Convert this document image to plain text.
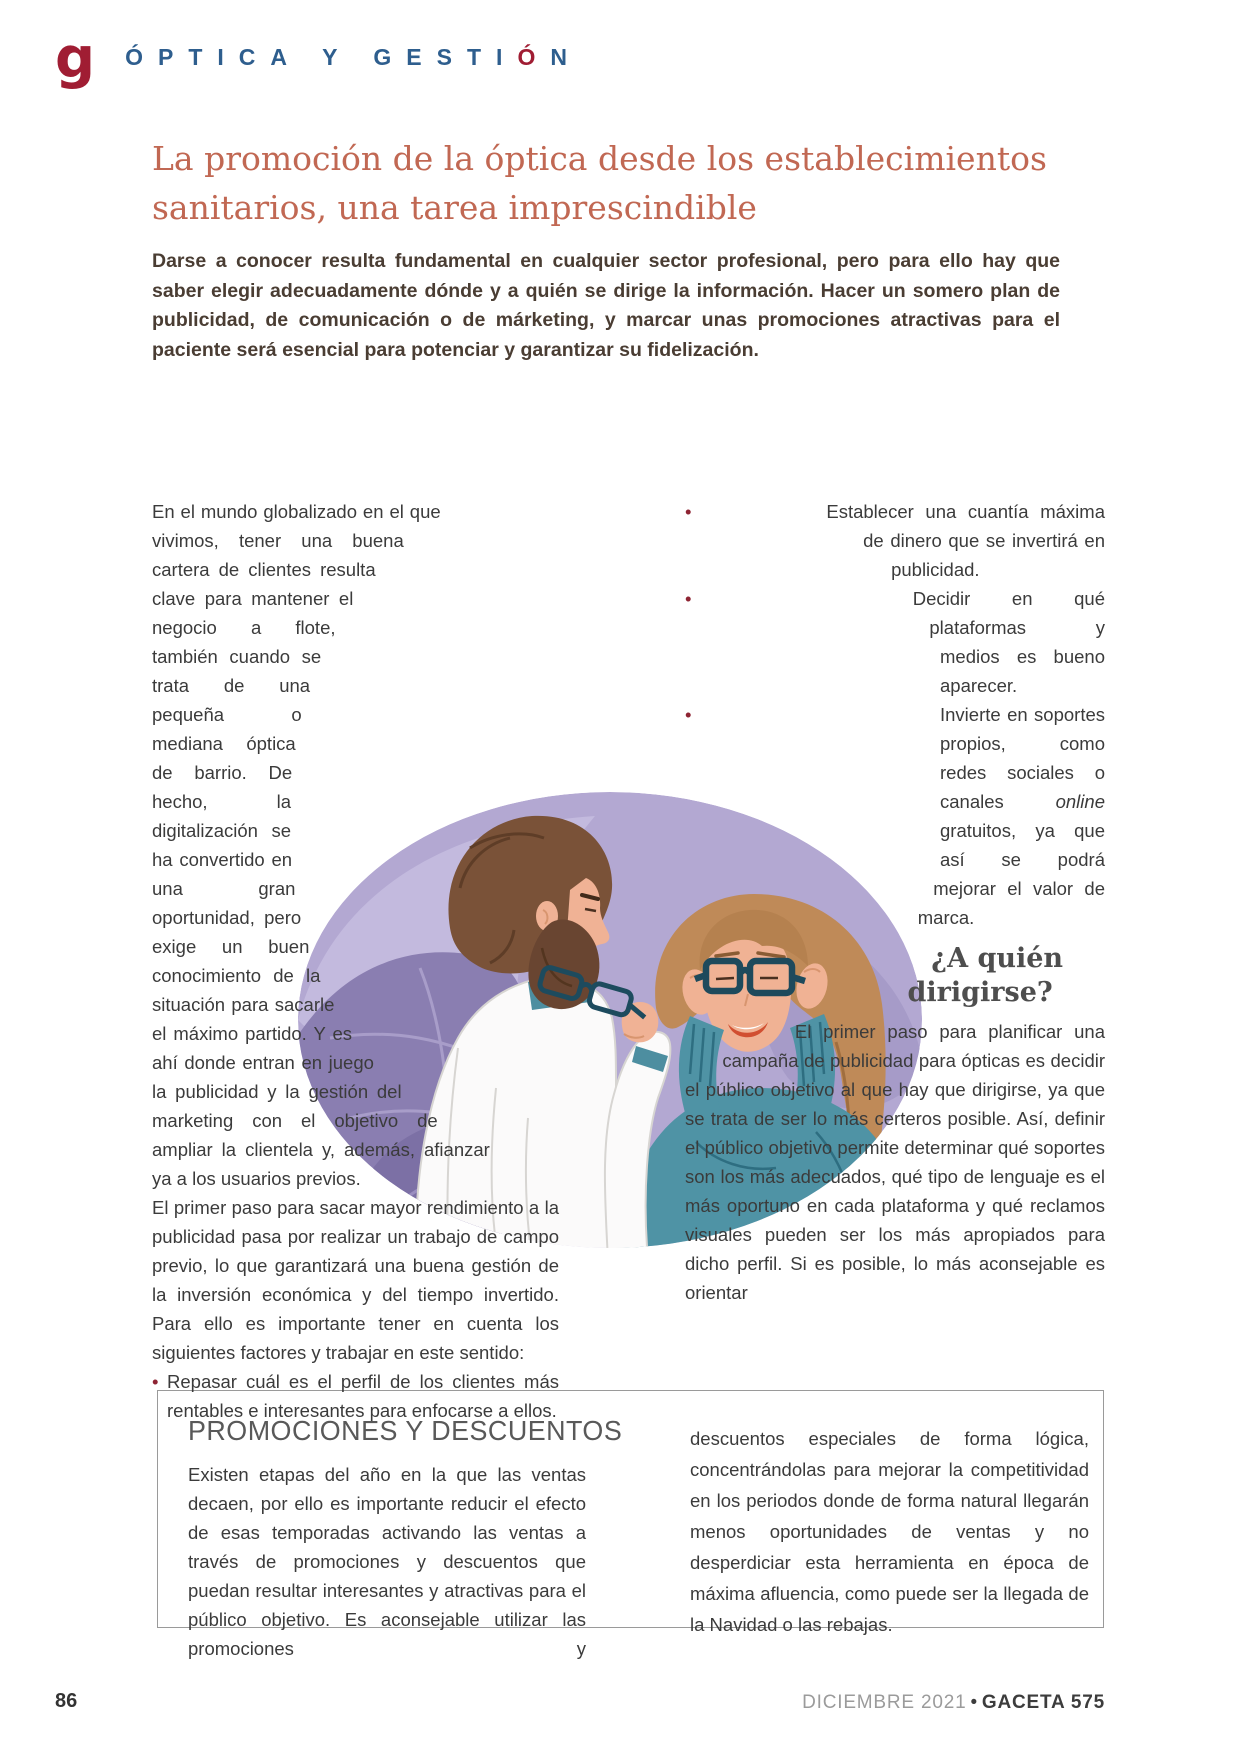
g ÓPTICA Y GESTIÓN
La promoción de la óptica desde los establecimientos
sanitarios, una tarea imprescindible
Darse a conocer resulta fundamental en cualquier sector profesional, pero para ello hay que saber elegir adecuadamente dónde y a quién se dirige la información. Hacer un somero plan de publicidad, de comunicación o de márketing, y marcar unas promociones atractivas para el paciente será esencial para potenciar y garantizar su fidelización.

En el mundo globalizado en el que vivimos, tener una buena cartera de clientes resulta clave para mantener el negocio a flote, también cuando se trata de una pequeña o mediana óptica de barrio. De hecho, la digitalización se ha convertido en una gran oportunidad, pero exige un buen conocimiento de la situación para sacarle el máximo partido. Y es ahí donde entran en juego la publicidad y la gestión del marketing con el objetivo de ampliar la clientela y, además, afianzar ya a los usuarios previos.

El primer paso para sacar mayor rendimiento a la publicidad pasa por realizar un trabajo de campo previo, lo que garantizará una buena gestión de la inversión económica y del tiempo invertido. Para ello es importante tener en cuenta los siguientes factores y trabajar en este sentido:

• Repasar cuál es el perfil de los clientes más rentables e interesantes para enfocarse a ellos.
•	Establecer una cuantía máxima de dinero que se invertirá en publicidad.
•	Decidir en qué plataformas y medios es bueno aparecer.
•	Invierte en soportes propios, como redes sociales o canales online gratuitos, ya que así se podrá mejorar el valor de marca.
¿A quién dirigirse?

El primer paso para planificar una campaña de publicidad para ópticas es decidir el público objetivo al que hay que dirigirse, ya que se trata de ser lo más certeros posible. Así, definir el público objetivo permite determinar qué soportes son los más adecuados, qué tipo de lenguaje es el más oportuno en cada plataforma y qué reclamos visuales pueden ser los más apropiados para dicho perfil. Si es posible, lo más aconsejable es orientar

PROMOCIONES Y DESCUENTOS

Existen etapas del año en la que las ventas decaen, por ello es importante reducir el efecto de esas temporadas activando las ventas a través de promociones y descuentos que puedan resultar interesantes y atractivas para el público objetivo. Es aconsejable utilizar las promociones y

descuentos especiales de forma lógica, concentrándolas para mejorar la competitividad en los periodos donde de forma natural llegarán menos oportunidades de ventas y no desperdiciar esta herramienta en época de máxima afluencia, como puede ser la llegada de la Navidad o las rebajas.

86	DICIEMBRE 2021 • GACETA 575
